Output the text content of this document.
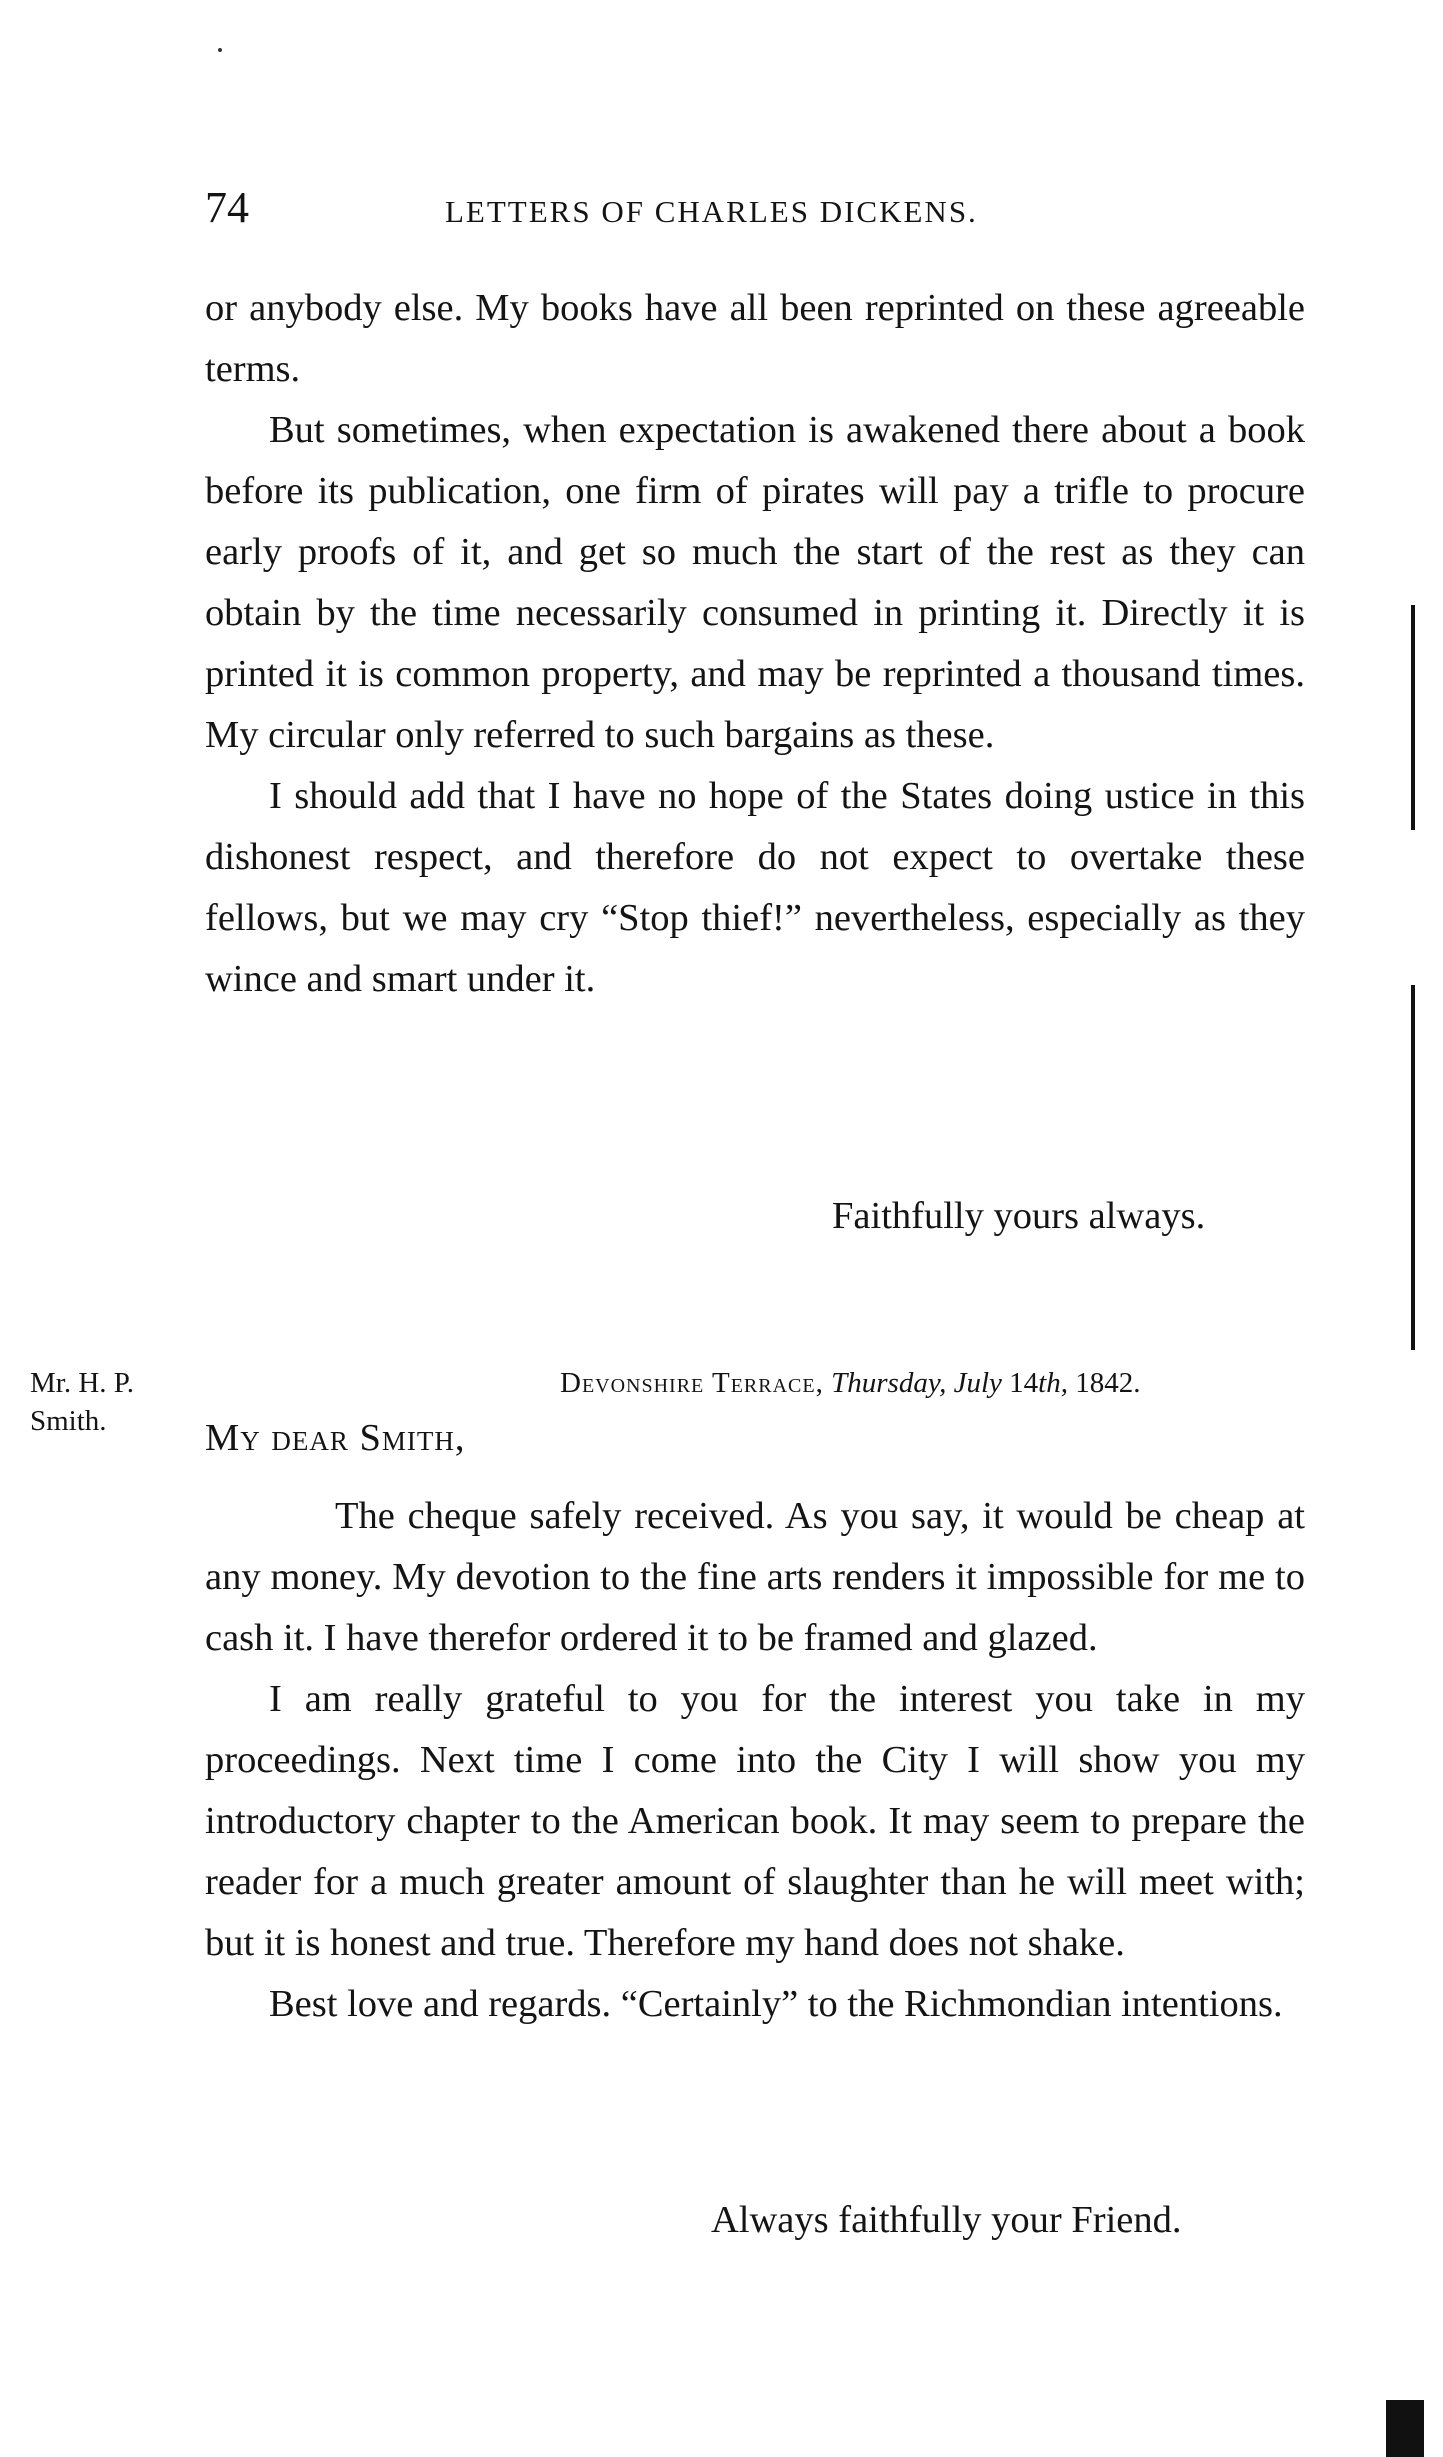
74	LETTERS OF CHARLES DICKENS.

or anybody else. My books have all been reprinted on these agreeable terms.

But sometimes, when expectation is awakened there about a book before its publication, one firm of pirates will pay a trifle to procure early proofs of it, and get so much the start of the rest as they can obtain by the time necessarily consumed in printing it. Directly it is printed it is common property, and may be reprinted a thousand times. My circular only referred to such bargains as these.

I should add that I have no hope of the States doing ustice in this dishonest respect, and therefore do not expect to overtake these fellows, but we may cry “Stop thief!” nevertheless, especially as they wince and smart under it.

Faithfully yours always.
Mr. H. P.
Smith.
Devonshire Terrace, Thursday, July 14th, 1842.
My dear Smith,

The cheque safely received. As you say, it would be cheap at any money. My devotion to the fine arts renders it impossible for me to cash it. I have therefor ordered it to be framed and glazed.

I am really grateful to you for the interest you take in my proceedings. Next time I come into the City I will show you my introductory chapter to the American book. It may seem to prepare the reader for a much greater amount of slaughter than he will meet with; but it is honest and true. Therefore my hand does not shake.

Best love and regards. “Certainly” to the Richmondian intentions.

Always faithfully your Friend.
